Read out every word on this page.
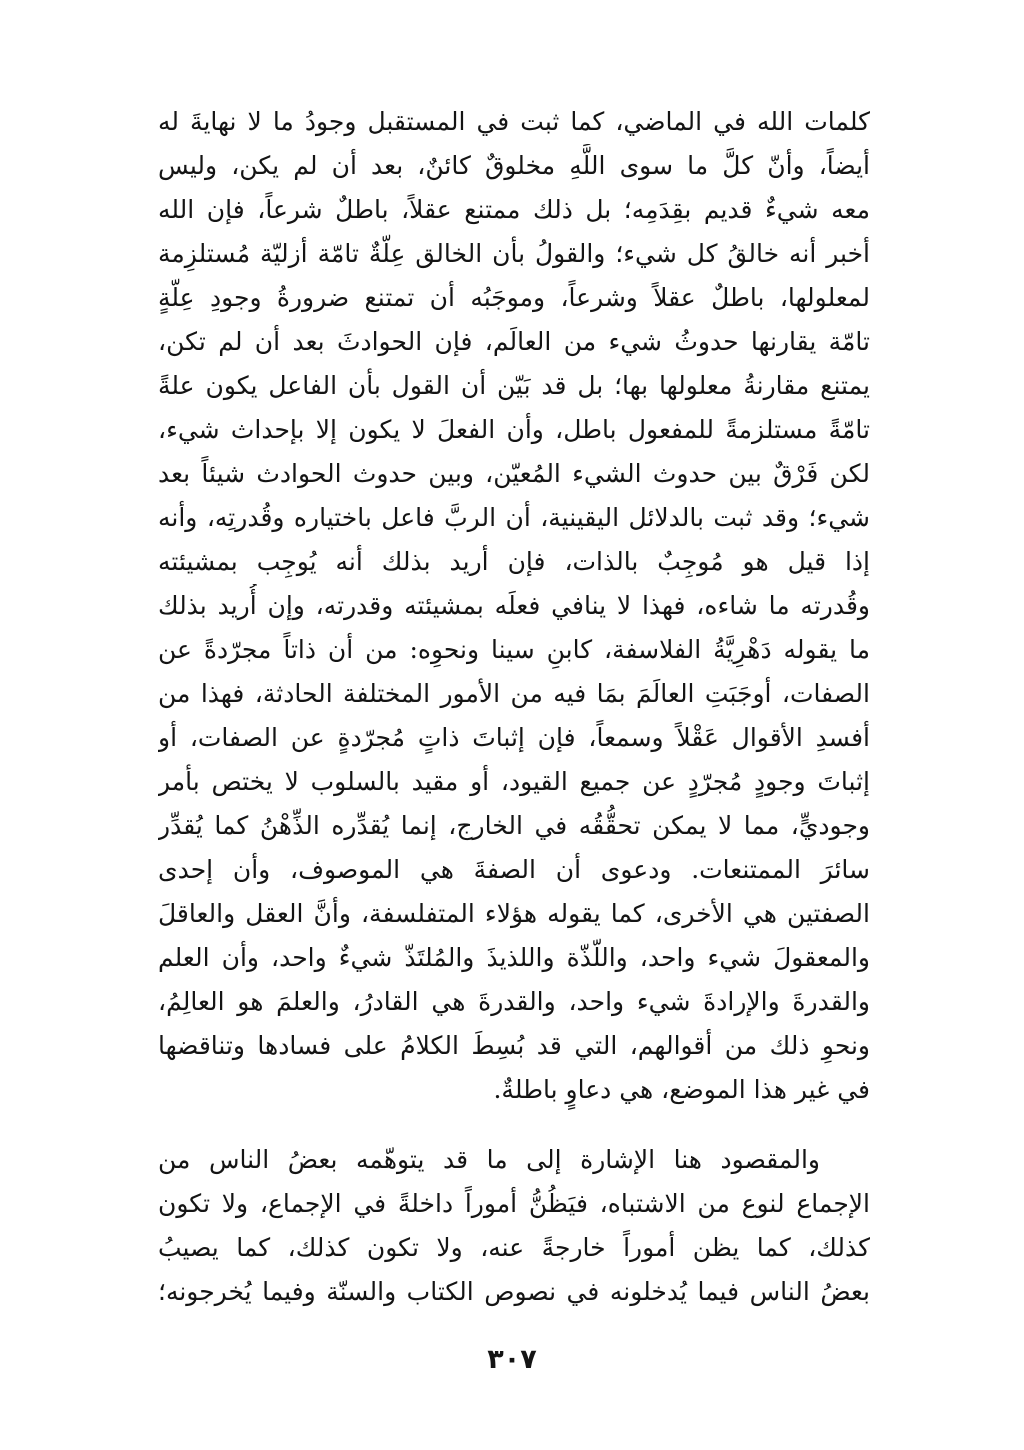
كلمات الله في الماضي، كما ثبت في المستقبل وجودُ ما لا نهايةَ له
أيضاً، وأنّ كلَّ ما سوى اللَّهِ مخلوقٌ كائنٌ، بعد أن لم يكن، وليس
معه شيءٌ قديم بقِدَمِه؛ بل ذلك ممتنع عقلاً، باطلٌ شرعاً، فإن الله
أخبر أنه خالقُ كل شيء؛ والقولُ بأن الخالق عِلّةٌ تامّة أزليّة مُستلزِمة
لمعلولها، باطلٌ عقلاً وشرعاً، وموجَبُه أن تمتنع ضرورةُ وجودِ عِلّةٍ
تامّة يقارنها حدوثُ شيء من العالَم، فإن الحوادثَ بعد أن لم تكن،
يمتنع مقارنةُ معلولها بها؛ بل قد بَيّن أن القول بأن الفاعل يكون علةً
تامّةً مستلزمةً للمفعول باطل، وأن الفعلَ لا يكون إلا بإحداث شيء،
لكن فَرْقٌ بين حدوث الشيء المُعيّن، وبين حدوث الحوادث شيئاً بعد
شيء؛ وقد ثبت بالدلائل اليقينية، أن الربَّ فاعل باختياره وقُدرتِه، وأنه
إذا قيل هو مُوجِبٌ بالذات، فإن أريد بذلك أنه يُوجِب بمشيئته
وقُدرته ما شاءه، فهذا لا ينافي فعلَه بمشيئته وقدرته، وإن أُريد بذلك
ما يقوله دَهْرِيَّةُ الفلاسفة، كابنِ سينا ونحوِه: من أن ذاتاً مجرّدةً عن
الصفات، أوجَبَتِ العالَمَ بمَا فيه من الأمور المختلفة الحادثة، فهذا من
أفسدِ الأقوال عَقْلاً وسمعاً، فإن إثباتَ ذاتٍ مُجرّدةٍ عن الصفات، أو
إثباتَ وجودٍ مُجرّدٍ عن جميع القيود، أو مقيد بالسلوب لا يختص بأمر
وجوديٍّ، مما لا يمكن تحقُّقُه في الخارج، إنما يُقدِّره الذِّهْنُ كما يُقدِّر
سائرَ الممتنعات. ودعوى أن الصفةَ هي الموصوف، وأن إحدى
الصفتين هي الأخرى، كما يقوله هؤلاء المتفلسفة، وأنَّ العقل والعاقلَ
والمعقولَ شيء واحد، واللّذّة واللذيذَ والمُلتَذّ شيءٌ واحد، وأن العلم
والقدرةَ والإرادةَ شيء واحد، والقدرةَ هي القادرُ، والعلمَ هو العالِمُ،
ونحوِ ذلك من أقوالهم، التي قد بُسِطَ الكلامُ على فسادها وتناقضها
في غير هذا الموضع، هي دعاوٍ باطلةٌ.
والمقصود هنا الإشارة إلى ما قد يتوهّمه بعضُ الناس من
الإجماع لنوع من الاشتباه، فيَظُنُّ أموراً داخلةً في الإجماع، ولا تكون
كذلك، كما يظن أموراً خارجةً عنه، ولا تكون كذلك، كما يصيبُ
بعضُ الناس فيما يُدخلونه في نصوص الكتاب والسنّة وفيما يُخرجونه؛
٣٠٧
